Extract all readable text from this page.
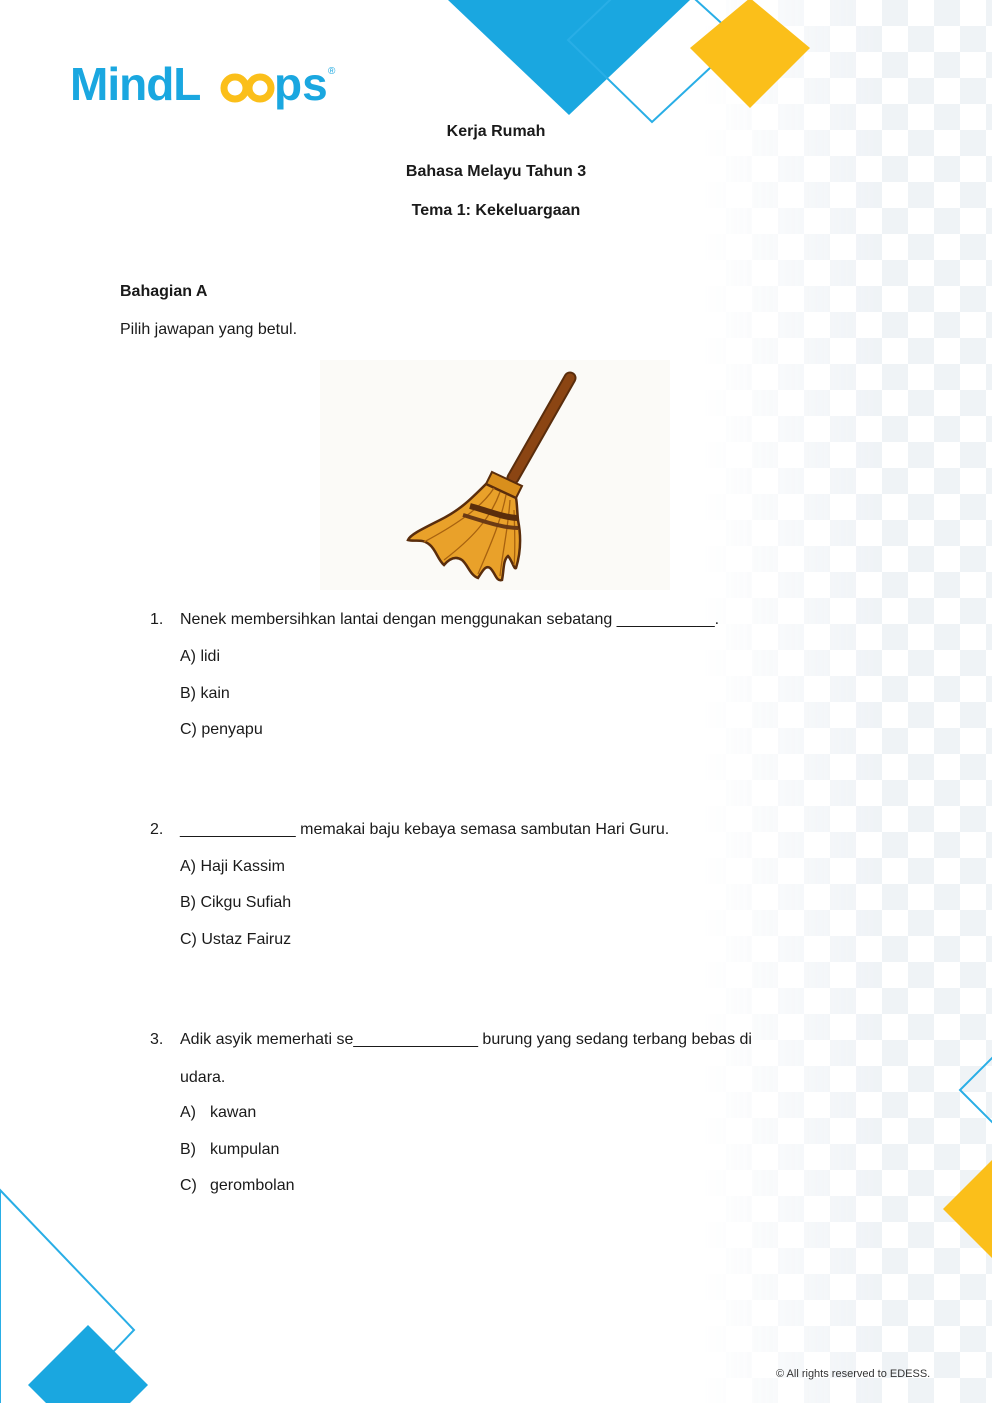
MindL ps ®
Kerja Rumah
Bahasa Melayu Tahun 3
Tema 1: Kekeluargaan
Bahagian A
Pilih jawapan yang betul.
1. Nenek membersihkan lantai dengan menggunakan sebatang ___________.
A) lidi
B) kain
C) penyapu
2. _____________ memakai baju kebaya semasa sambutan Hari Guru.
A) Haji Kassim
B) Cikgu Sufiah
C) Ustaz Fairuz
3. Adik asyik memerhati se______________ burung yang sedang terbang bebas di
udara.
A) kawan
B) kumpulan
C) gerombolan
© All rights reserved to EDESS.
